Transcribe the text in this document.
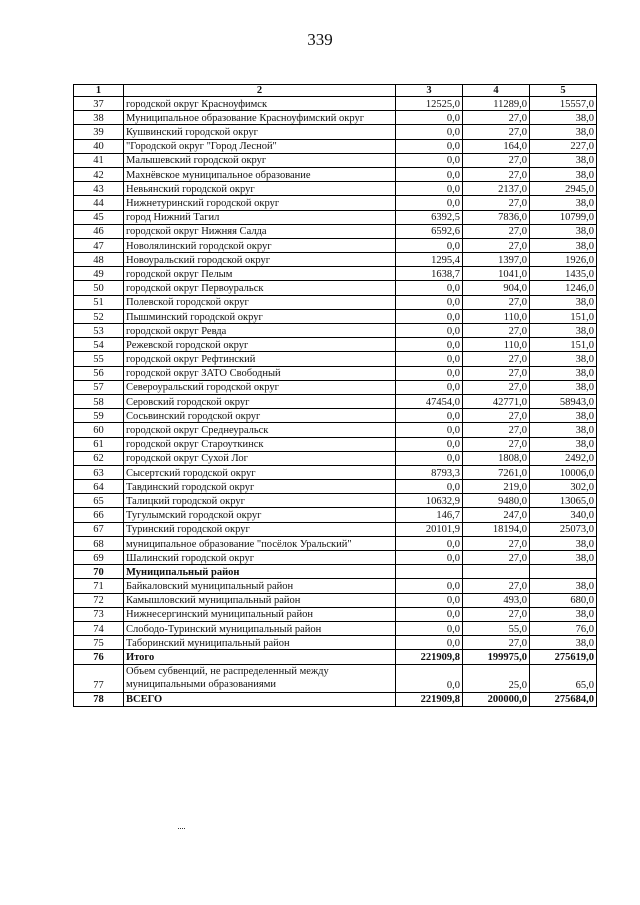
339
1	2	3	4	5
37	городской округ Красноуфимск	12525,0	11289,0	15557,0
38	Муниципальное образование Красноуфимский округ	0,0	27,0	38,0
39	Кушвинский городской округ	0,0	27,0	38,0
40	"Городской округ "Город Лесной"	0,0	164,0	227,0
41	Малышевский городской округ	0,0	27,0	38,0
42	Махнёвское муниципальное образование	0,0	27,0	38,0
43	Невьянский городской округ	0,0	2137,0	2945,0
44	Нижнетуринский городской округ	0,0	27,0	38,0
45	город Нижний Тагил	6392,5	7836,0	10799,0
46	городской округ Нижняя Салда	6592,6	27,0	38,0
47	Новолялинский городской округ	0,0	27,0	38,0
48	Новоуральский городской округ	1295,4	1397,0	1926,0
49	городской округ Пелым	1638,7	1041,0	1435,0
50	городской округ Первоуральск	0,0	904,0	1246,0
51	Полевской городской округ	0,0	27,0	38,0
52	Пышминский городской округ	0,0	110,0	151,0
53	городской округ Ревда	0,0	27,0	38,0
54	Режевской городской округ	0,0	110,0	151,0
55	городской округ Рефтинский	0,0	27,0	38,0
56	городской округ ЗАТО Свободный	0,0	27,0	38,0
57	Североуральский городской округ	0,0	27,0	38,0
58	Серовский городской округ	47454,0	42771,0	58943,0
59	Сосьвинский городской округ	0,0	27,0	38,0
60	городской округ Среднеуральск	0,0	27,0	38,0
61	городской округ Староуткинск	0,0	27,0	38,0
62	городской округ Сухой Лог	0,0	1808,0	2492,0
63	Сысертский городской округ	8793,3	7261,0	10006,0
64	Тавдинский городской округ	0,0	219,0	302,0
65	Талицкий городской округ	10632,9	9480,0	13065,0
66	Тугулымский городской округ	146,7	247,0	340,0
67	Туринский городской округ	20101,9	18194,0	25073,0
68	муниципальное образование "посёлок Уральский"	0,0	27,0	38,0
69	Шалинский городской округ	0,0	27,0	38,0
70	Муниципальный район			
71	Байкаловский муниципальный район	0,0	27,0	38,0
72	Камышловский муниципальный район	0,0	493,0	680,0
73	Нижнесергинский муниципальный район	0,0	27,0	38,0
74	Слободо-Туринский муниципальный район	0,0	55,0	76,0
75	Таборинский муниципальный район	0,0	27,0	38,0
76	Итого	221909,8	199975,0	275619,0
77	Объем субвенций, не распределенный между муниципальными образованиями	0,0	25,0	65,0
78	ВСЕГО	221909,8	200000,0	275684,0
